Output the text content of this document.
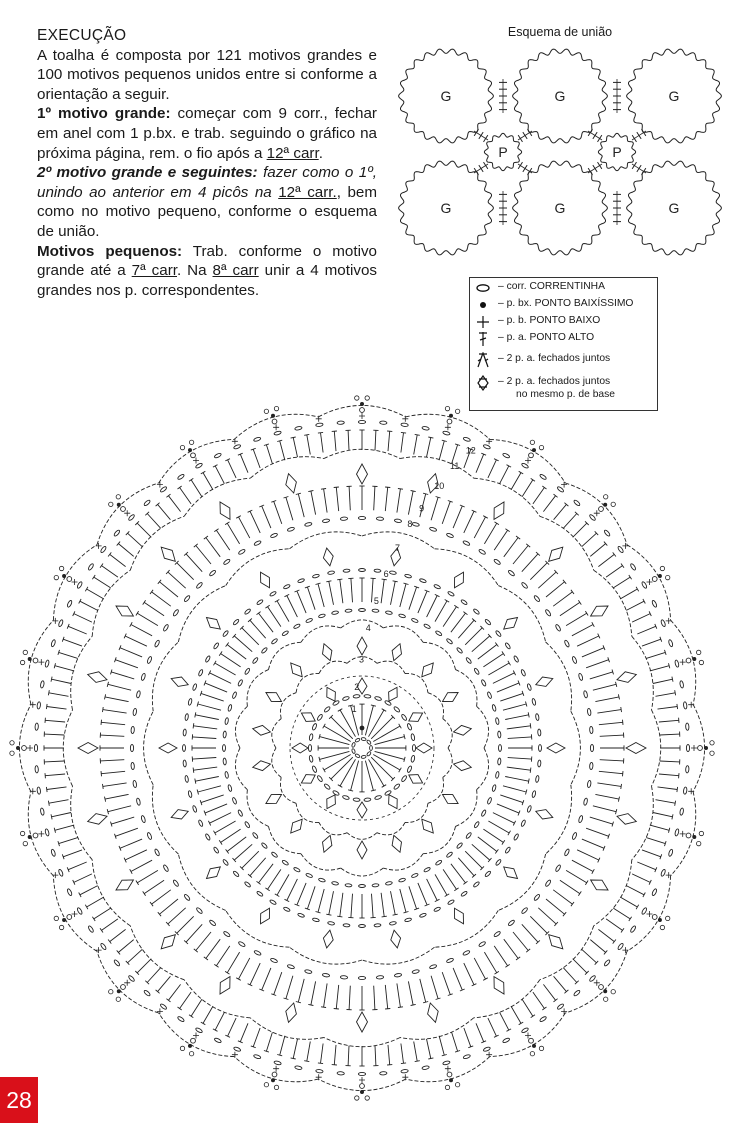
EXECUÇÃO

A toalha é composta por 121 motivos grandes e 100 motivos pequenos unidos entre si conforme a orientação a seguir.

1º motivo grande: começar com 9 corr., fechar em anel com 1 p.bx. e trab. seguindo o gráfico na próxima página, rem. o fio após a 12ª carr.

2º motivo grande e seguintes: fazer como o 1º, unindo ao anterior em 4 picôs na 12ª carr., bem como no motivo pequeno, conforme o esquema de união.

Motivos pequenos: Trab. conforme o motivo grande até a 7ª carr. Na 8ª carr unir a 4 motivos grandes nos p. correspondentes.

Esquema de união
G	G	G
G	G	G
P	P
– corr. CORRENTINHA
– p. bx. PONTO BAIXÍSSIMO
– p. b. PONTO BAIXO
– p. a. PONTO ALTO
– 2 p. a. fechados juntos
– 2 p. a. fechados juntos
no mesmo p. de base
1
2
3
4
5
6
7
8
9
10
11
12
28
